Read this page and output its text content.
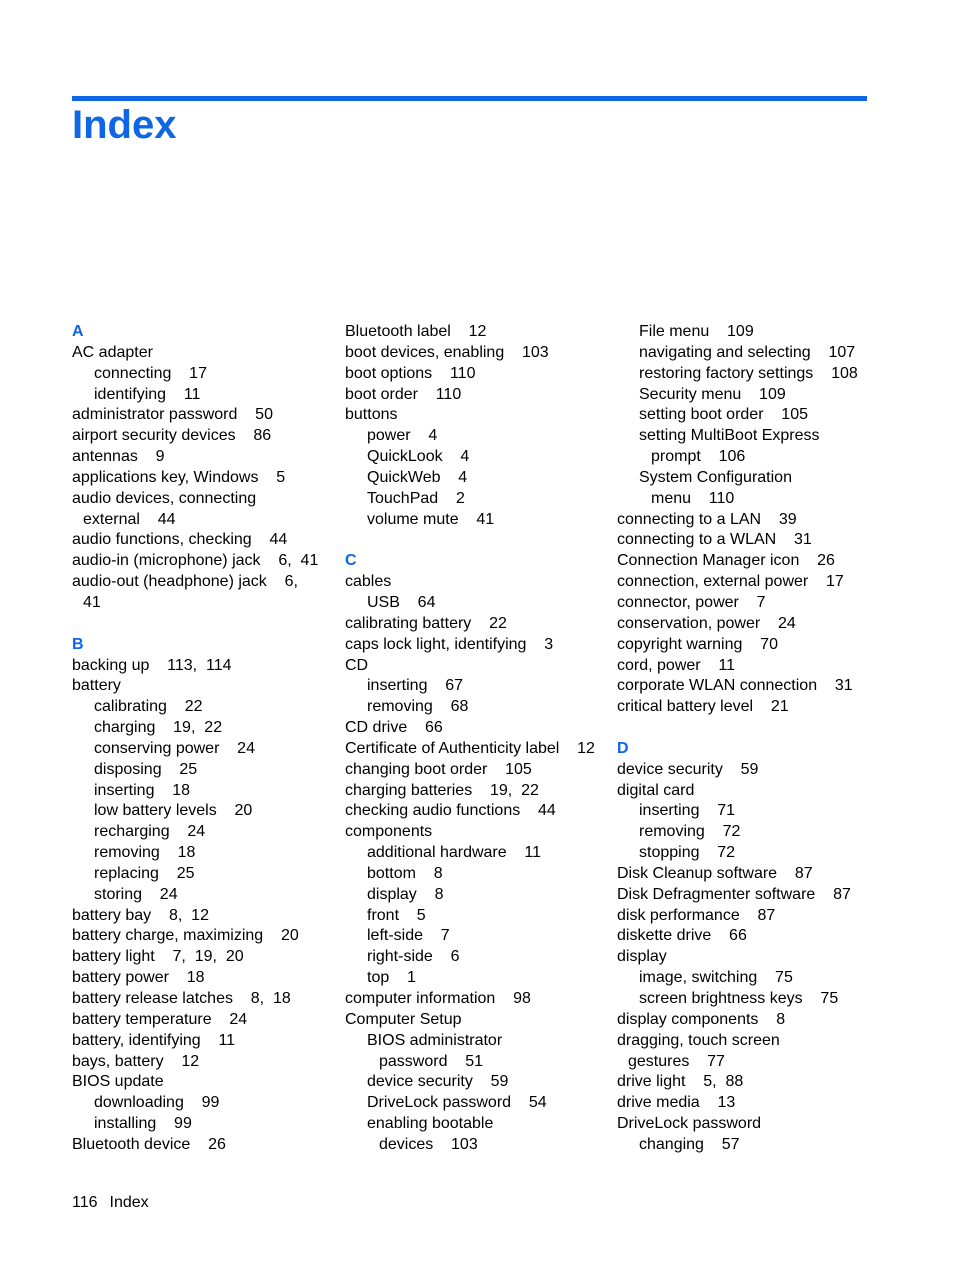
Index
A
AC adapter
connecting    17
identifying    11
administrator password    50
airport security devices    86
antennas    9
applications key, Windows    5
audio devices, connecting
external    44
audio functions, checking    44
audio-in (microphone) jack    6,  41
audio-out (headphone) jack    6,
41
B
backing up    113,  114
battery
calibrating    22
charging    19,  22
conserving power    24
disposing    25
inserting    18
low battery levels    20
recharging    24
removing    18
replacing    25
storing    24
battery bay    8,  12
battery charge, maximizing    20
battery light    7,  19,  20
battery power    18
battery release latches    8,  18
battery temperature    24
battery, identifying    11
bays, battery    12
BIOS update
downloading    99
installing    99
Bluetooth device    26
Bluetooth label    12
boot devices, enabling    103
boot options    110
boot order    110
buttons
power    4
QuickLook    4
QuickWeb    4
TouchPad    2
volume mute    41
C
cables
USB    64
calibrating battery    22
caps lock light, identifying    3
CD
inserting    67
removing    68
CD drive    66
Certificate of Authenticity label    12
changing boot order    105
charging batteries    19,  22
checking audio functions    44
components
additional hardware    11
bottom    8
display    8
front    5
left-side    7
right-side    6
top    1
computer information    98
Computer Setup
BIOS administrator
password    51
device security    59
DriveLock password    54
enabling bootable
devices    103
File menu    109
navigating and selecting    107
restoring factory settings    108
Security menu    109
setting boot order    105
setting MultiBoot Express
prompt    106
System Configuration
menu    110
connecting to a LAN    39
connecting to a WLAN    31
Connection Manager icon    26
connection, external power    17
connector, power    7
conservation, power    24
copyright warning    70
cord, power    11
corporate WLAN connection    31
critical battery level    21
D
device security    59
digital card
inserting    71
removing    72
stopping    72
Disk Cleanup software    87
Disk Defragmenter software    87
disk performance    87
diskette drive    66
display
image, switching    75
screen brightness keys    75
display components    8
dragging, touch screen
gestures    77
drive light    5,  88
drive media    13
DriveLock password
changing    57
116 Index
